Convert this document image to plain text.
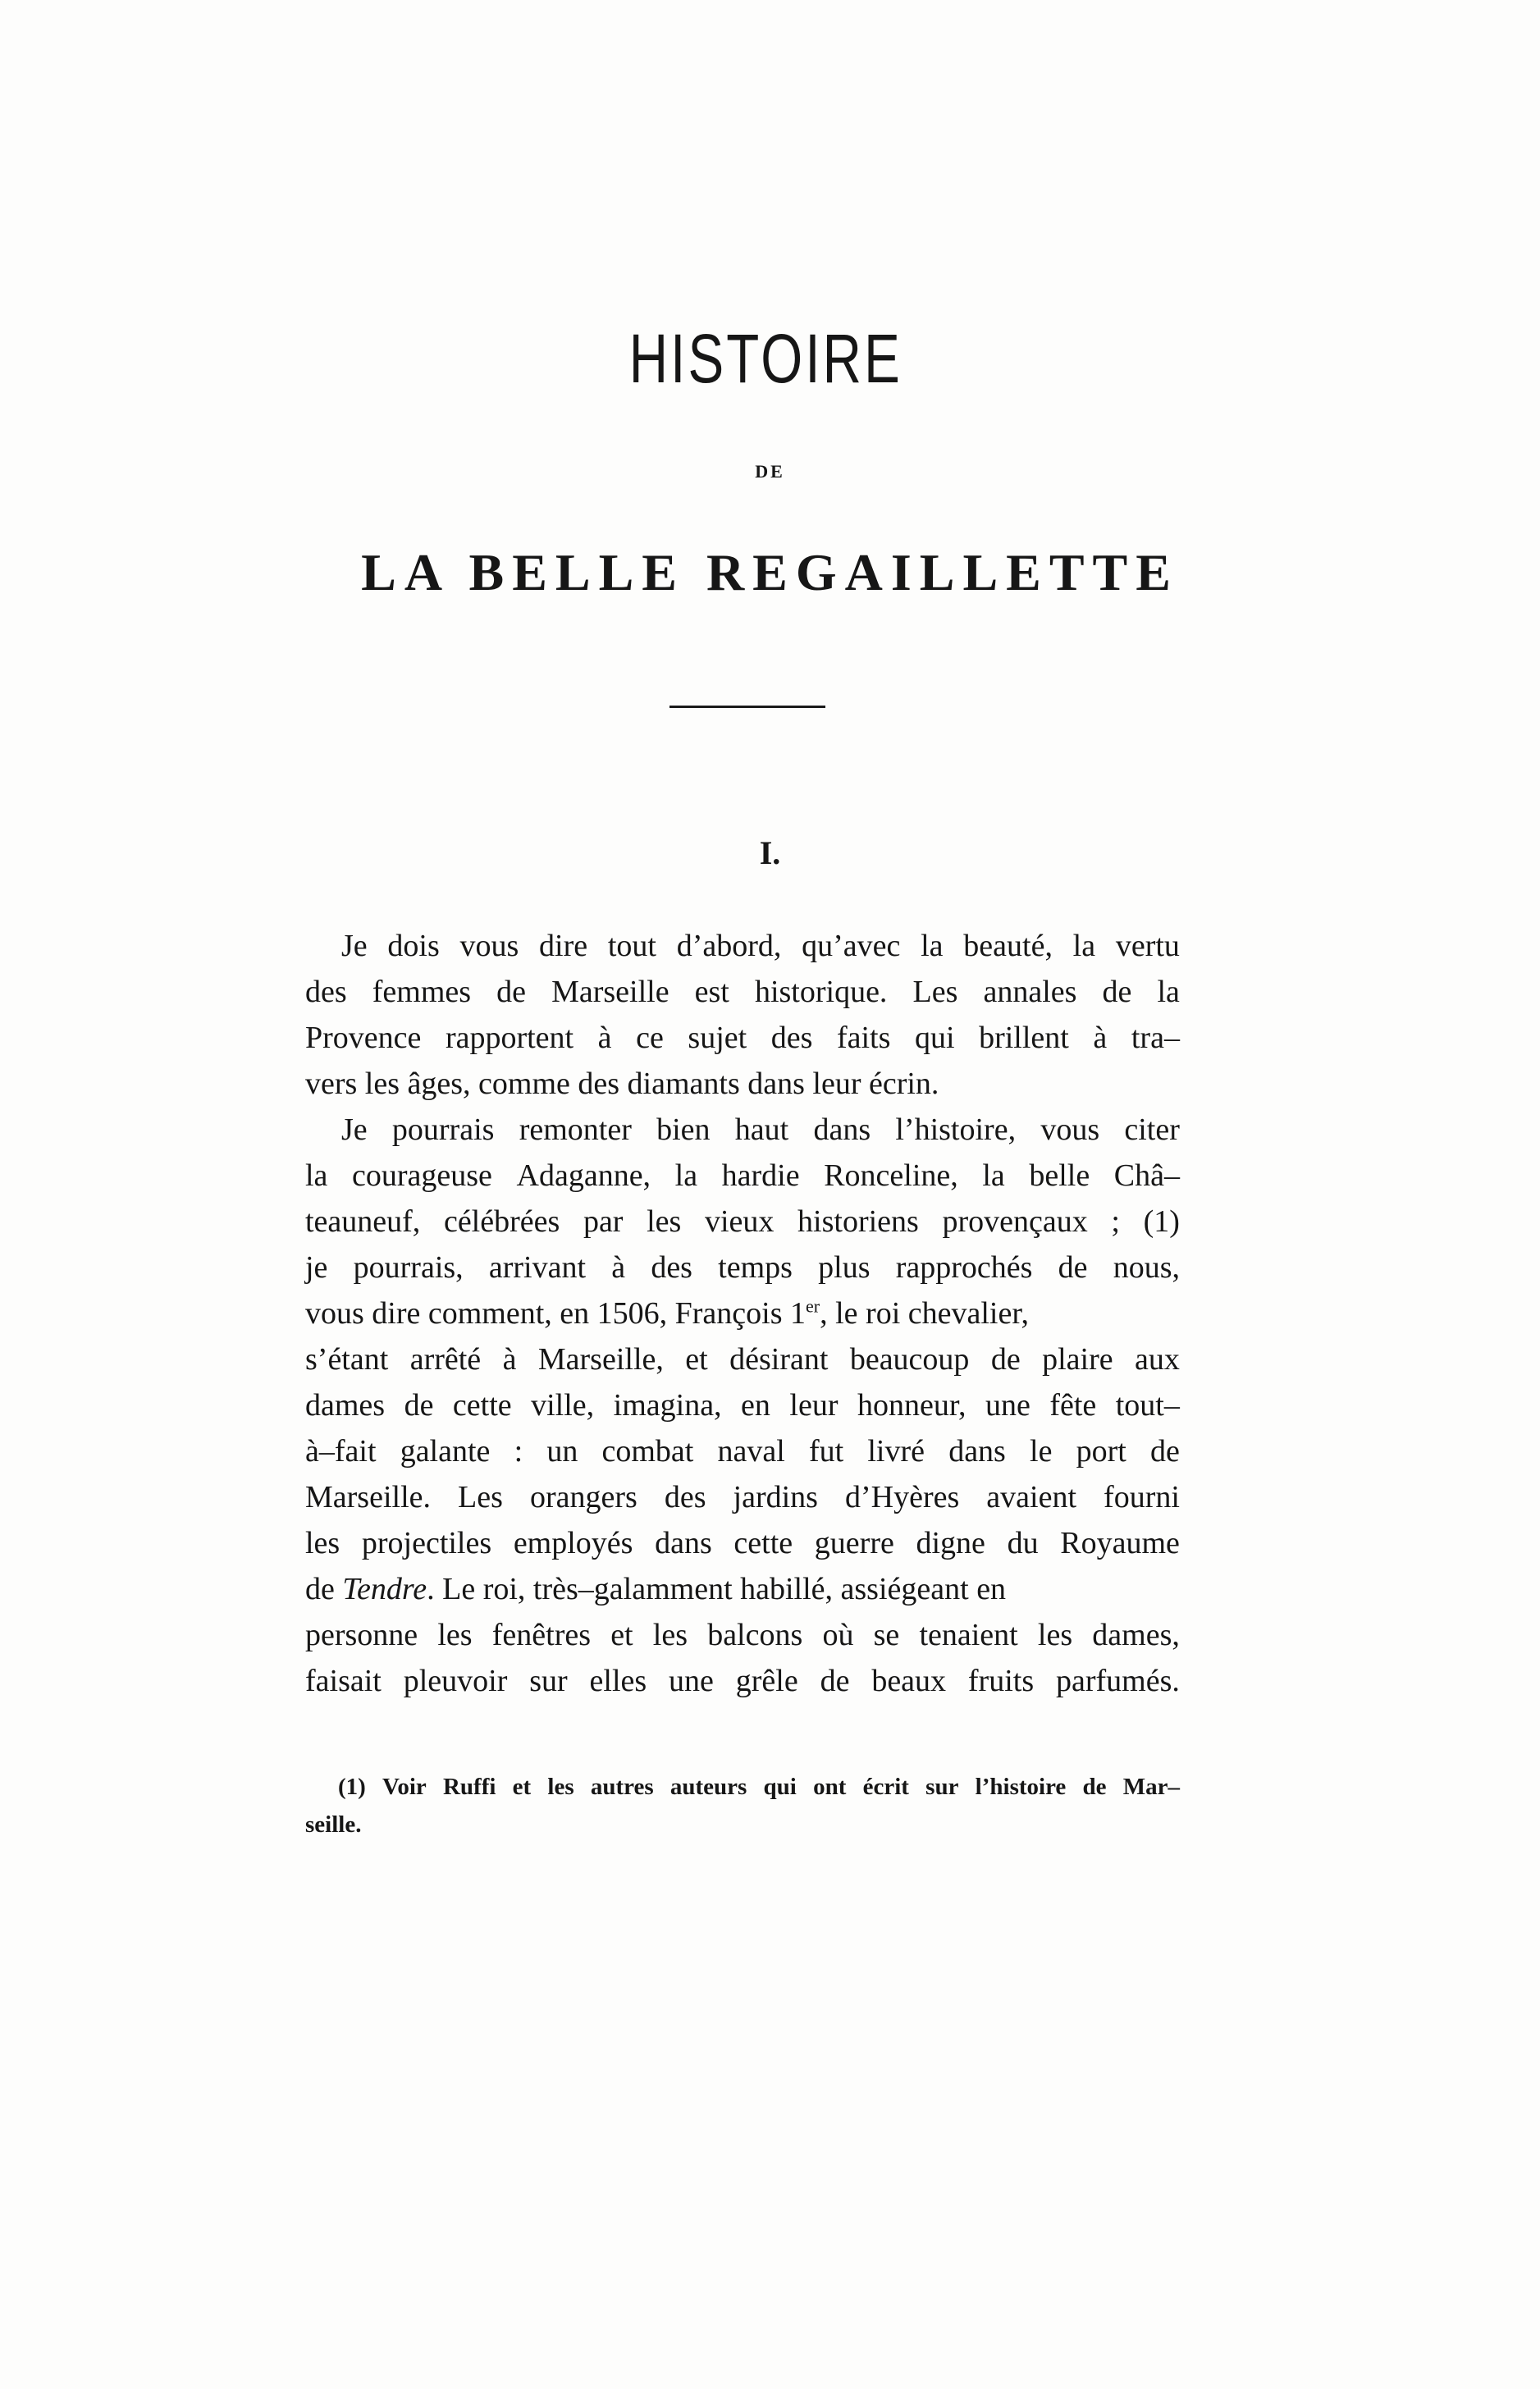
HISTOIRE
DE
LA BELLE REGAILLETTE
I.
Je dois vous dire tout d’abord, qu’avec la beauté, la vertu
des femmes de Marseille est historique. Les annales de la
Provence rapportent à ce sujet des faits qui brillent à tra–
vers les âges, comme des diamants dans leur écrin.
Je pourrais remonter bien haut dans l’histoire, vous citer
la courageuse Adaganne, la hardie Ronceline, la belle Châ–
teauneuf, célébrées par les vieux historiens provençaux ; (1)
je pourrais, arrivant à des temps plus rapprochés de nous,
vous dire comment, en 1506, François 1er, le roi chevalier,
s’étant arrêté à Marseille, et désirant beaucoup de plaire aux
dames de cette ville, imagina, en leur honneur, une fête tout–
à–fait galante : un combat naval fut livré dans le port de
Marseille. Les orangers des jardins d’Hyères avaient fourni
les projectiles employés dans cette guerre digne du Royaume
de Tendre. Le roi, très–galamment habillé, assiégeant en
personne les fenêtres et les balcons où se tenaient les dames,
faisait pleuvoir sur elles une grêle de beaux fruits parfumés.
(1) Voir Ruffi et les autres auteurs qui ont écrit sur l’histoire de Mar–
seille.
